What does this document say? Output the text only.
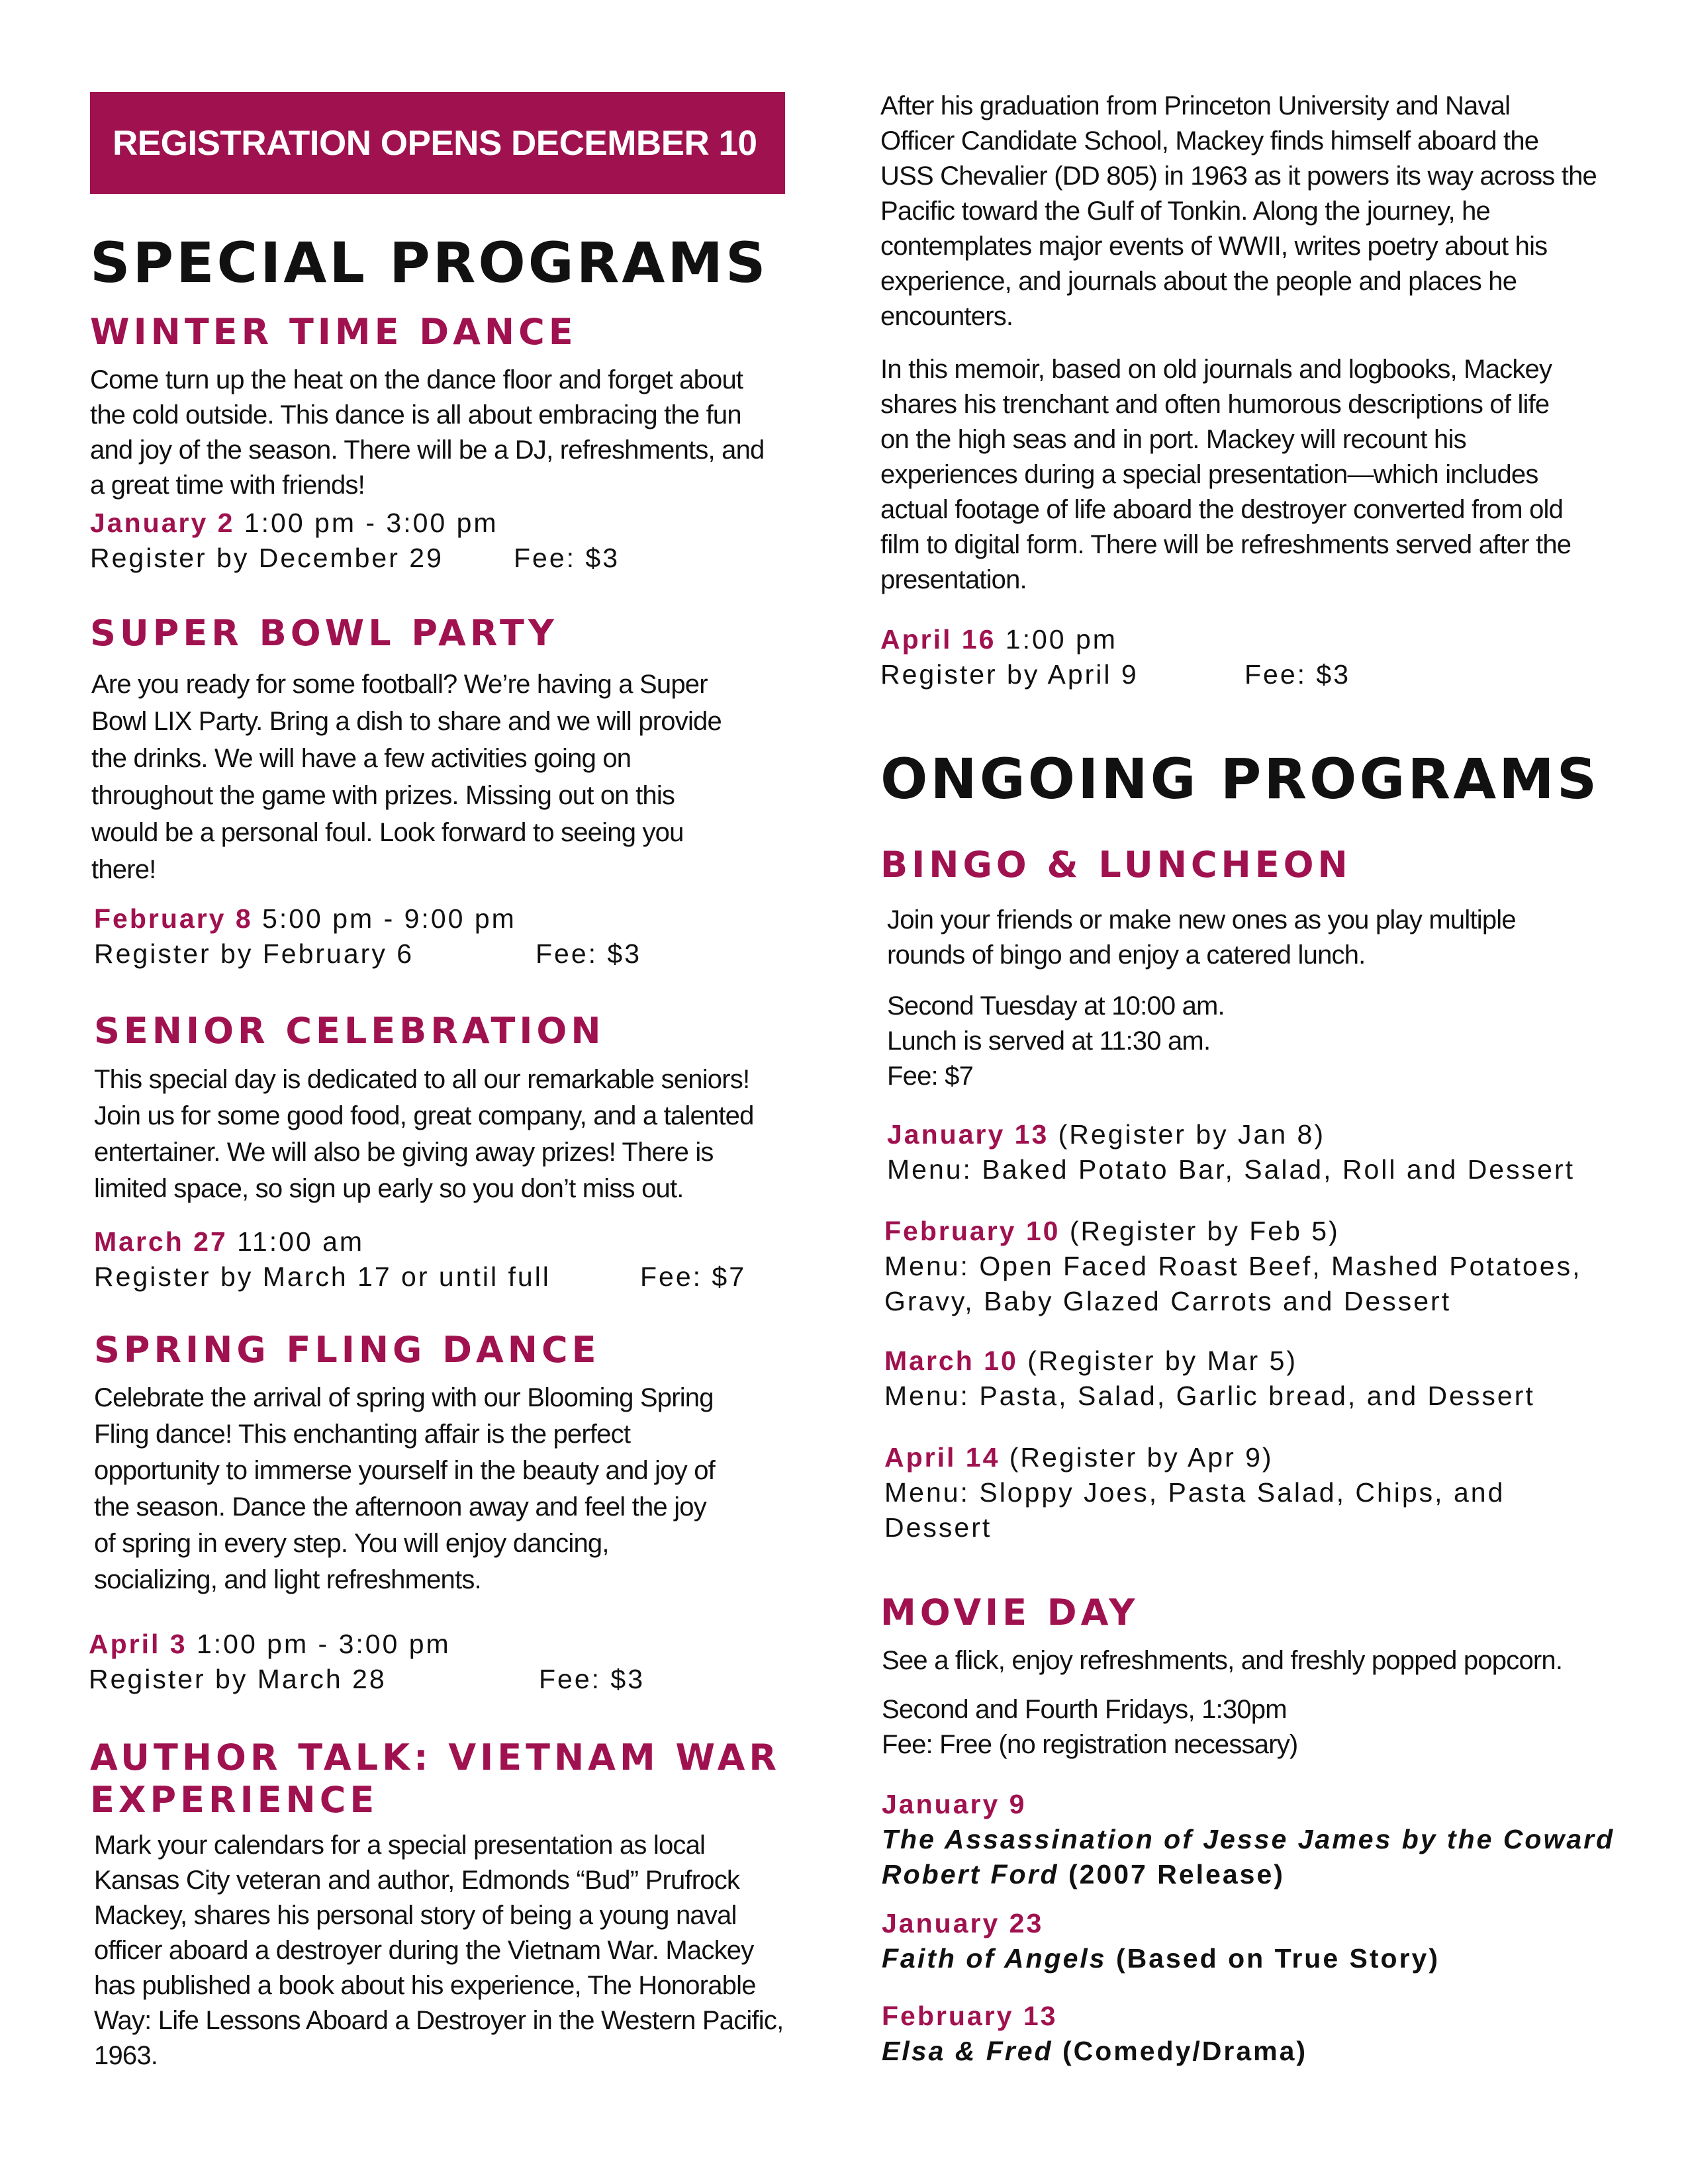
REGISTRATION OPENS DECEMBER 10
SPECIAL PROGRAMS
WINTER TIME DANCE
Come turn up the heat on the dance floor and forget about
the cold outside. This dance is all about embracing the fun
and joy of the season. There will be a DJ, refreshments, and
a great time with friends!
January 2 1:00 pm - 3:00 pm
Register by December 29	Fee: $3
SUPER BOWL PARTY
Are you ready for some football? We’re having a Super
Bowl LIX Party. Bring a dish to share and we will provide
the drinks. We will have a few activities going on
throughout the game with prizes. Missing out on this
would be a personal foul. Look forward to seeing you
there!
February 8 5:00 pm - 9:00 pm
Register by February 6	Fee: $3
SENIOR CELEBRATION
This special day is dedicated to all our remarkable seniors!
Join us for some good food, great company, and a talented
entertainer. We will also be giving away prizes! There is
limited space, so sign up early so you don’t miss out.
March 27 11:00 am
Register by March 17 or until full	Fee: $7
SPRING FLING DANCE
Celebrate the arrival of spring with our Blooming Spring
Fling dance! This enchanting affair is the perfect
opportunity to immerse yourself in the beauty and joy of
the season. Dance the afternoon away and feel the joy
of spring in every step. You will enjoy dancing,
socializing, and light refreshments.
April 3 1:00 pm - 3:00 pm
Register by March 28	Fee: $3
AUTHOR TALK: VIETNAM WAR
EXPERIENCE
Mark your calendars for a special presentation as local
Kansas City veteran and author, Edmonds “Bud” Prufrock
Mackey, shares his personal story of being a young naval
officer aboard a destroyer during the Vietnam War. Mackey
has published a book about his experience, The Honorable
Way: Life Lessons Aboard a Destroyer in the Western Pacific,
1963.
After his graduation from Princeton University and Naval
Officer Candidate School, Mackey finds himself aboard the
USS Chevalier (DD 805) in 1963 as it powers its way across the
Pacific toward the Gulf of Tonkin. Along the journey, he
contemplates major events of WWII, writes poetry about his
experience, and journals about the people and places he
encounters.
In this memoir, based on old journals and logbooks, Mackey
shares his trenchant and often humorous descriptions of life
on the high seas and in port. Mackey will recount his
experiences during a special presentation—which includes
actual footage of life aboard the destroyer converted from old
film to digital form. There will be refreshments served after the
presentation.
April 16 1:00 pm
Register by April 9	Fee: $3
ONGOING PROGRAMS
BINGO & LUNCHEON
Join your friends or make new ones as you play multiple
rounds of bingo and enjoy a catered lunch.
Second Tuesday at 10:00 am.
Lunch is served at 11:30 am.
Fee: $7
January 13 (Register by Jan 8)
Menu: Baked Potato Bar, Salad, Roll and Dessert
February 10 (Register by Feb 5)
Menu: Open Faced Roast Beef, Mashed Potatoes,
Gravy, Baby Glazed Carrots and Dessert
March 10 (Register by Mar 5)
Menu: Pasta, Salad, Garlic bread, and Dessert
April 14 (Register by Apr 9)
Menu: Sloppy Joes, Pasta Salad, Chips, and
Dessert
MOVIE DAY
See a flick, enjoy refreshments, and freshly popped popcorn.
Second and Fourth Fridays, 1:30pm
Fee: Free (no registration necessary)
January 9
The Assassination of Jesse James by the Coward
Robert Ford (2007 Release)
January 23
Faith of Angels (Based on True Story)
February 13
Elsa & Fred (Comedy/Drama)
